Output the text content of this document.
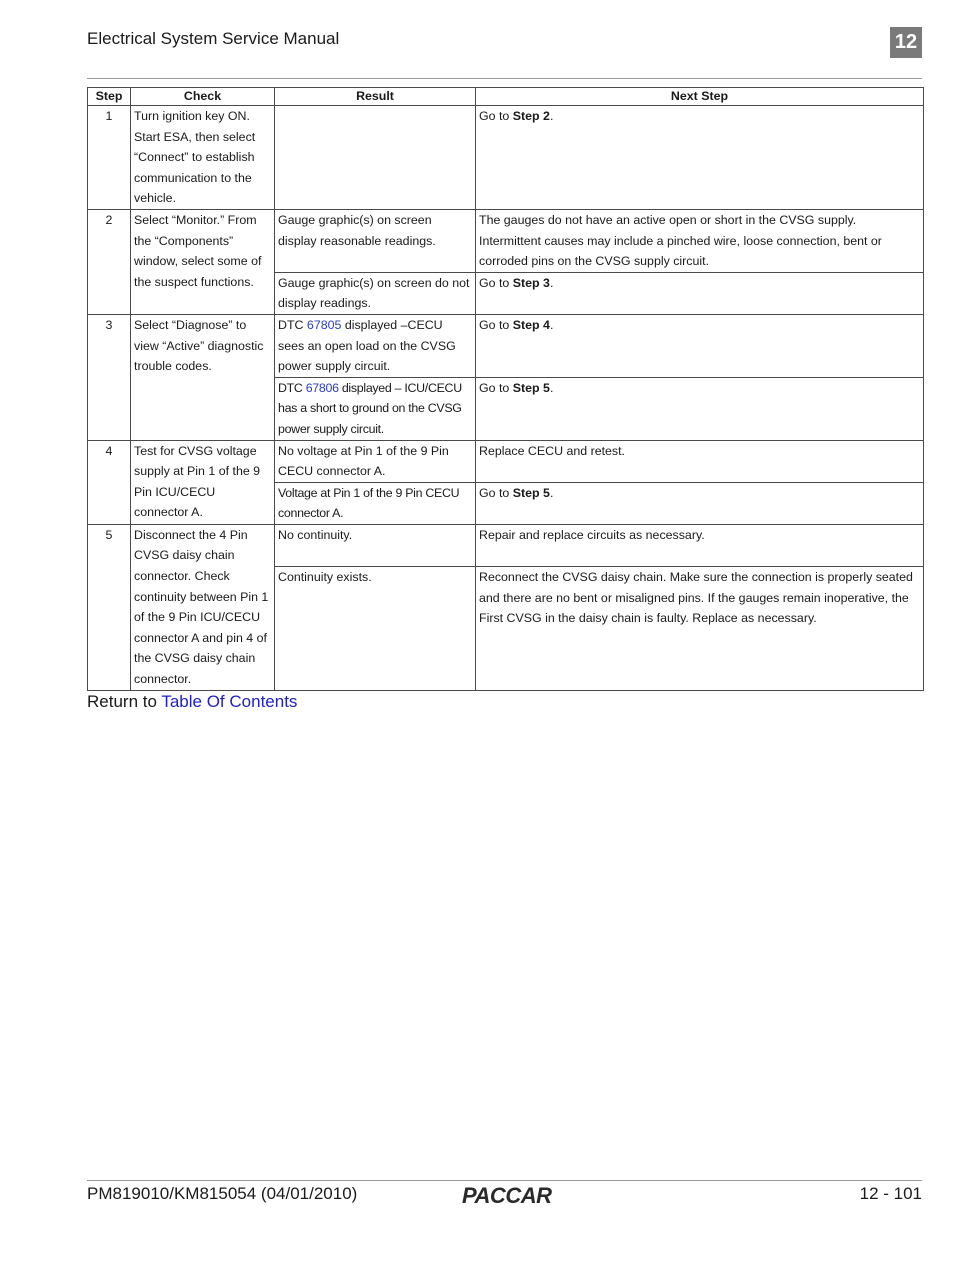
Electrical System Service Manual	12
Step	Check	Result	Next Step
1	Turn ignition key ON. Start ESA, then select “Connect” to establish communication to the vehicle.		Go to Step 2.
2	Select “Monitor.” From the “Components” window, select some of the suspect functions.	Gauge graphic(s) on screen display reasonable readings.	The gauges do not have an active open or short in the CVSG supply. Intermittent causes may include a pinched wire, loose connection, bent or corroded pins on the CVSG supply circuit.
		Gauge graphic(s) on screen do not display readings.	Go to Step 3.
3	Select “Diagnose” to view “Active” diagnostic trouble codes.	DTC 67805 displayed –CECU sees an open load on the CVSG power supply circuit.	Go to Step 4.
		DTC 67806 displayed – ICU/CECU has a short to ground on the CVSG power supply circuit.	Go to Step 5.
4	Test for CVSG voltage supply at Pin 1 of the 9 Pin ICU/CECU connector A.	No voltage at Pin 1 of the 9 Pin CECU connector A.	Replace CECU and retest.
		Voltage at Pin 1 of the 9 Pin CECU connector A.	Go to Step 5.
5	Disconnect the 4 Pin CVSG daisy chain connector. Check continuity between Pin 1 of the 9 Pin ICU/CECU connector A and pin 4 of the CVSG daisy chain connector.	No continuity.	Repair and replace circuits as necessary.
		Continuity exists.	Reconnect the CVSG daisy chain. Make sure the connection is properly seated and there are no bent or misaligned pins. If the gauges remain inoperative, the First CVSG in the daisy chain is faulty. Replace as necessary.
Return to Table Of Contents
PM819010/KM815054 (04/01/2010)	PACCAR	12 - 101
